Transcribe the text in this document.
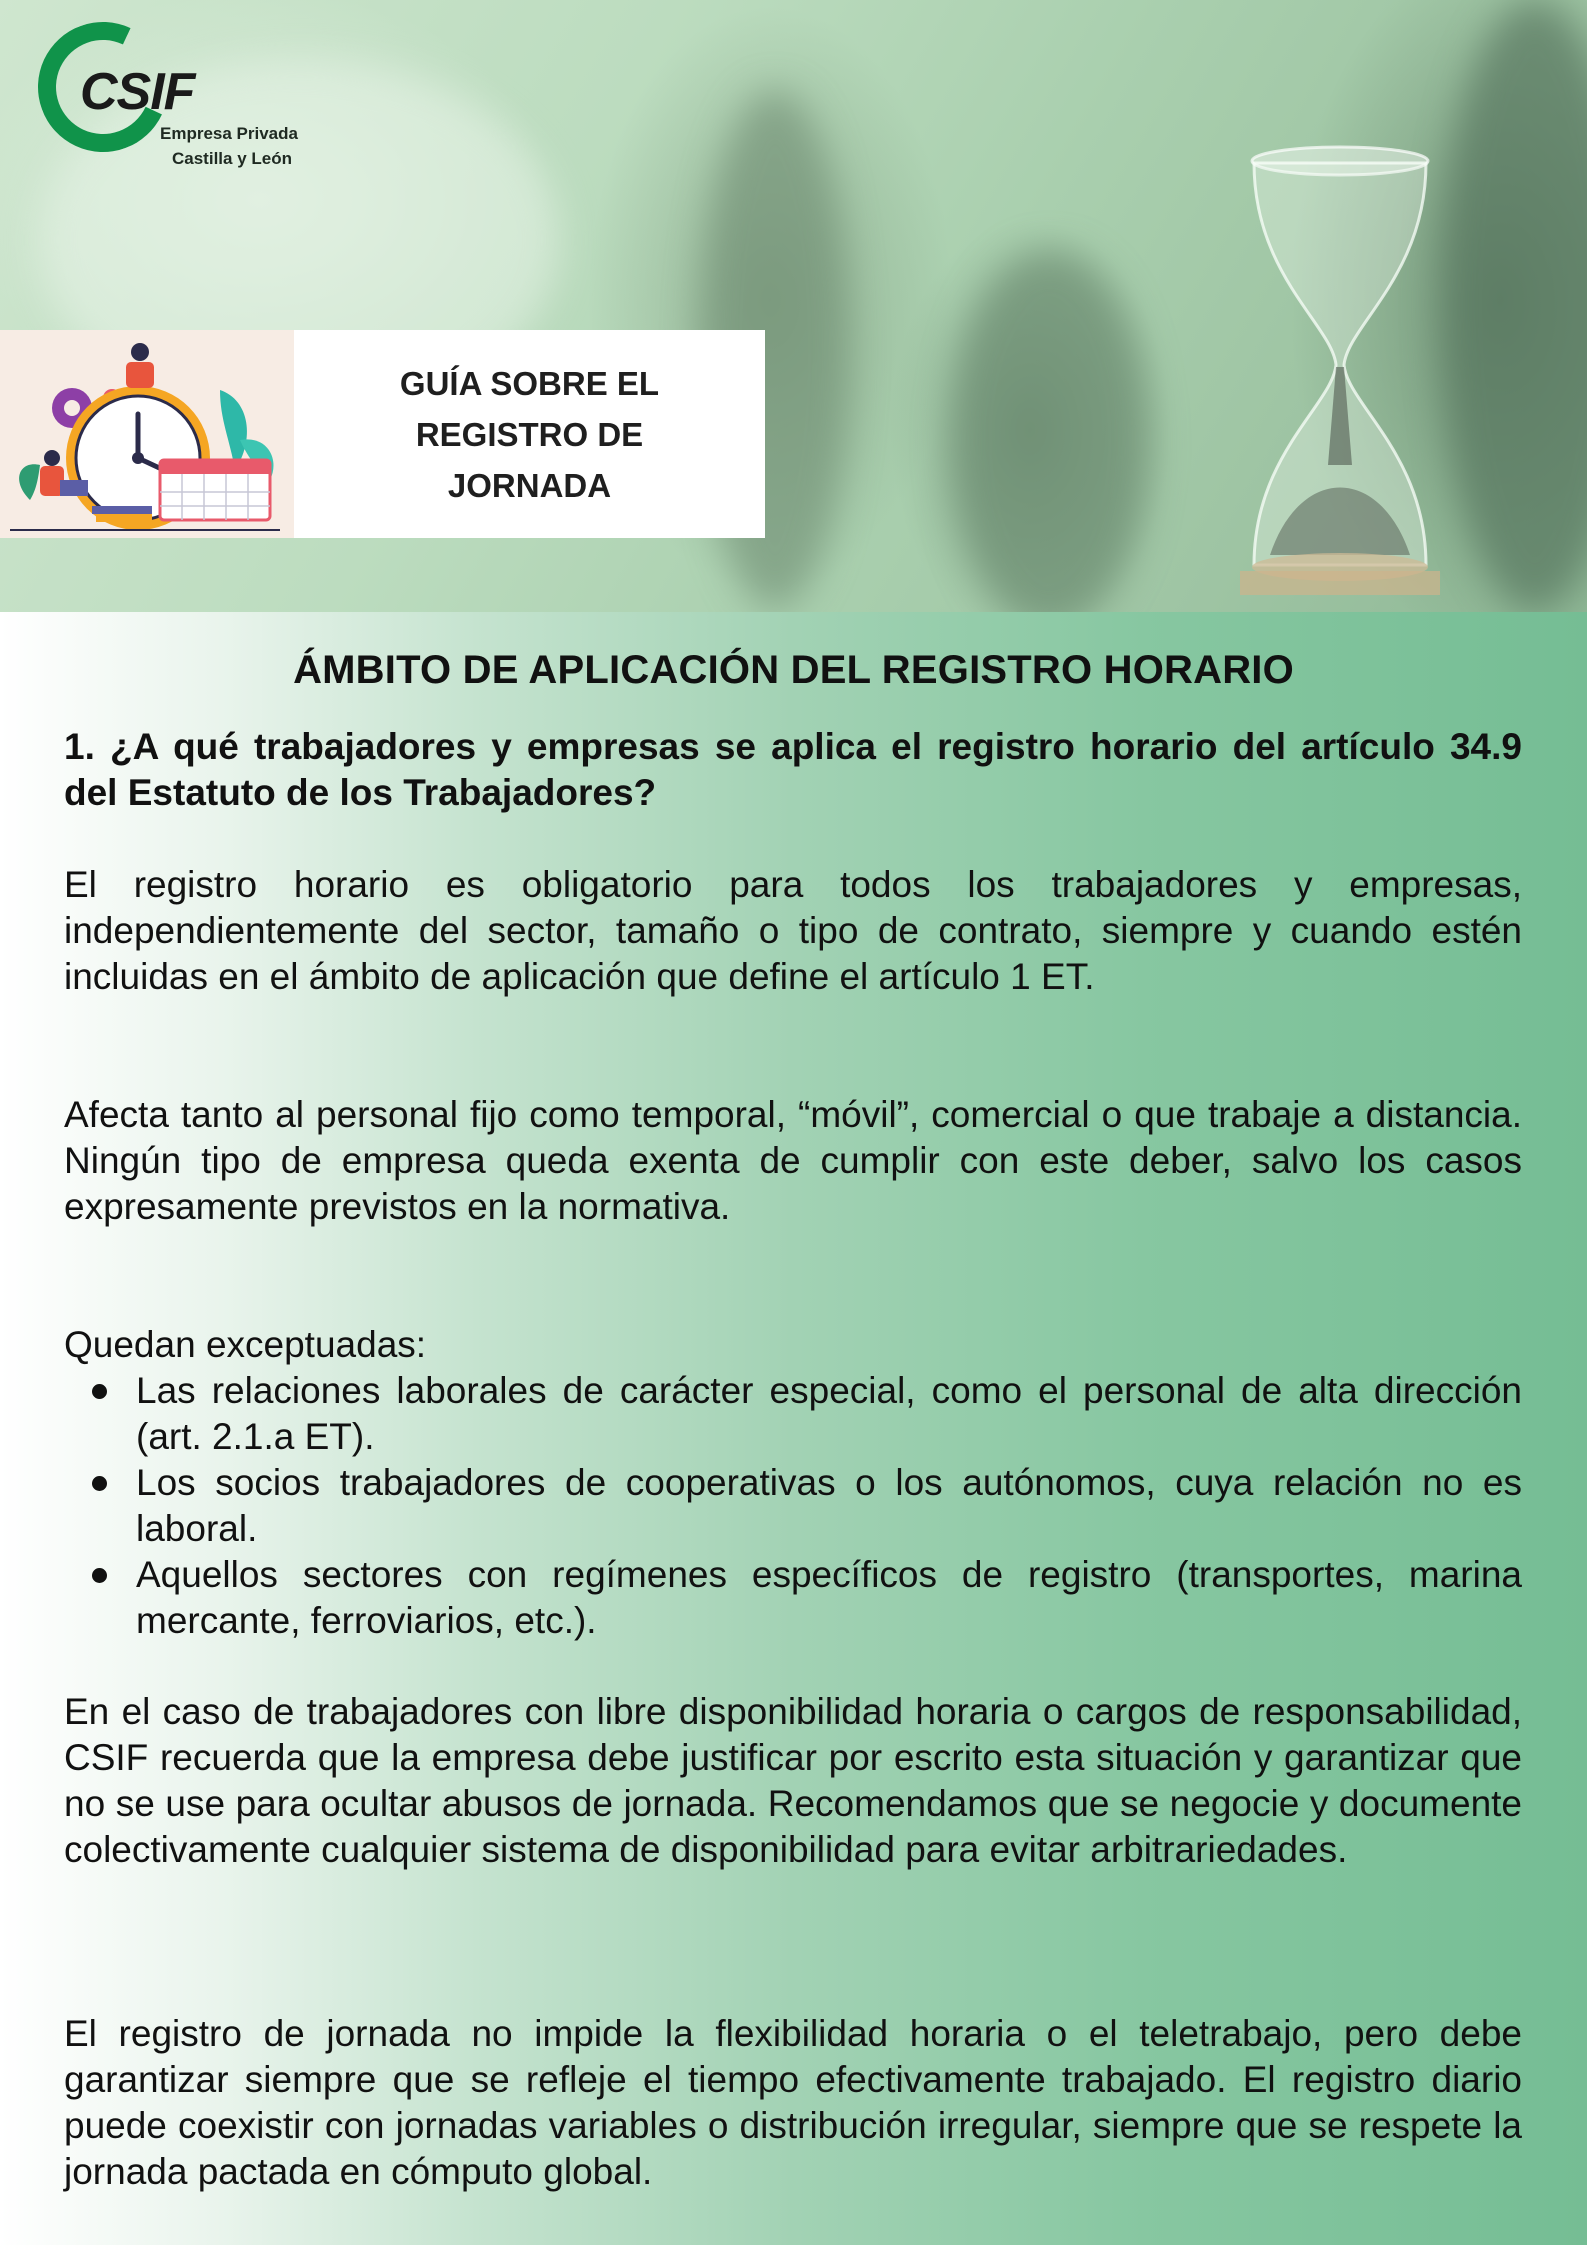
CSIF
Empresa Privada
Castilla y León
GUÍA SOBRE EL
REGISTRO DE
JORNADA
ÁMBITO DE APLICACIÓN DEL REGISTRO HORARIO
1. ¿A qué trabajadores y empresas se aplica el registro horario del artículo 34.9 del Estatuto de los Trabajadores?
El registro horario es obligatorio para todos los trabajadores y empresas, independientemente del sector, tamaño o tipo de contrato, siempre y cuando estén incluidas en el ámbito de aplicación que define el artículo 1 ET.
Afecta tanto al personal fijo como temporal, “móvil”, comercial o que trabaje a distancia. Ningún tipo de empresa queda exenta de cumplir con este deber, salvo los casos expresamente previstos en la normativa.
Quedan exceptuadas:
Las relaciones laborales de carácter especial, como el personal de alta dirección (art. 2.1.a ET).
Los socios trabajadores de cooperativas o los autónomos, cuya relación no es laboral.
Aquellos sectores con regímenes específicos de registro (transportes, marina mercante, ferroviarios, etc.).
En el caso de trabajadores con libre disponibilidad horaria o cargos de responsabilidad, CSIF recuerda que la empresa debe justificar por escrito esta situación y garantizar que no se use para ocultar abusos de jornada. Recomendamos que se negocie y documente colectivamente cualquier sistema de disponibilidad para evitar arbitrariedades.
El registro de jornada no impide la flexibilidad horaria o el teletrabajo, pero debe garantizar siempre que se refleje el tiempo efectivamente trabajado. El registro diario puede coexistir con jornadas variables o distribución irregular, siempre que se respete la jornada pactada en cómputo global.
